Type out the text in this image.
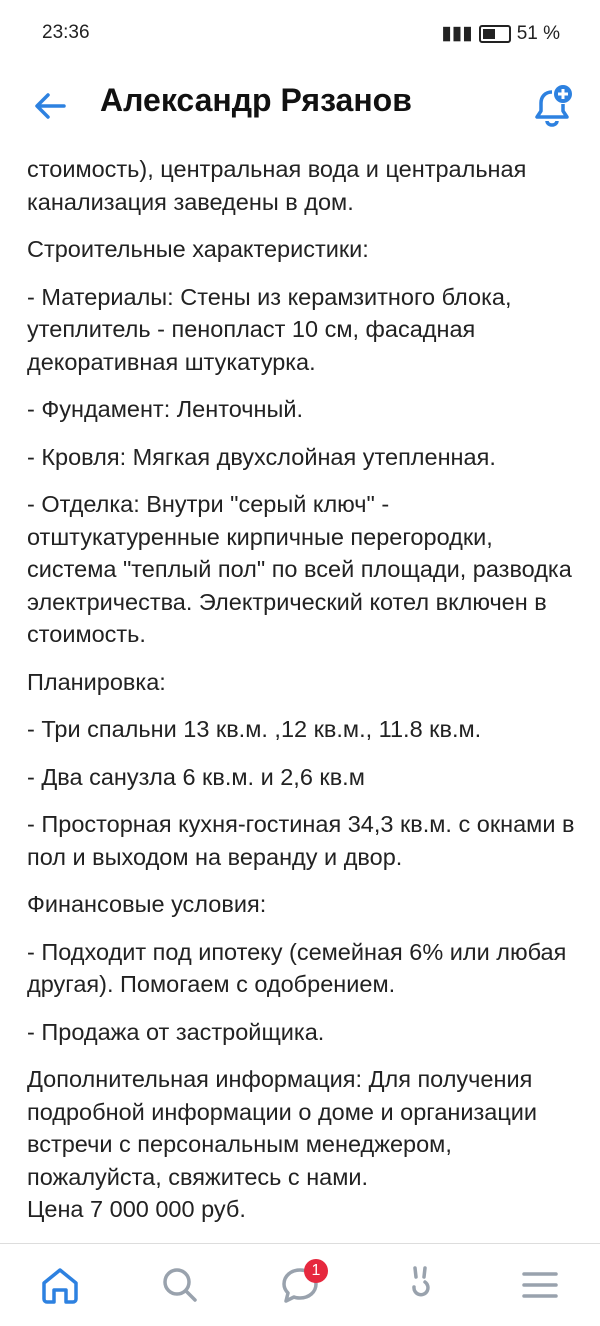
23:36	▮▮▮ 51 %
Александр Рязанов

стоимость), центральная вода и центральная канализация заведены в дом.

Строительные характеристики:

- Материалы: Стены из керамзитного блока, утеплитель - пенопласт 10 см, фасадная декоративная штукатурка.

- Фундамент: Ленточный.

- Кровля: Мягкая двухслойная утепленная.

- Отделка: Внутри "серый ключ" - отштукатуренные кирпичные перегородки, система "теплый пол" по всей площади, разводка электричества. Электрический котел включен в стоимость.

Планировка:

- Три спальни 13 кв.м. ,12 кв.м., 11.8 кв.м.

- Два санузла 6 кв.м. и 2,6 кв.м

- Просторная кухня-гостиная 34,3 кв.м. с окнами в пол и выходом на веранду и двор.

Финансовые условия:

- Подходит под ипотеку (семейная 6% или любая другая). Помогаем с одобрением.

- Продажа от застройщика.

Дополнительная информация: Для получения подробной информации о доме и организации встречи с персональным менеджером, пожалуйста, свяжитесь с нами.
Цена 7 000 000 руб.

1
